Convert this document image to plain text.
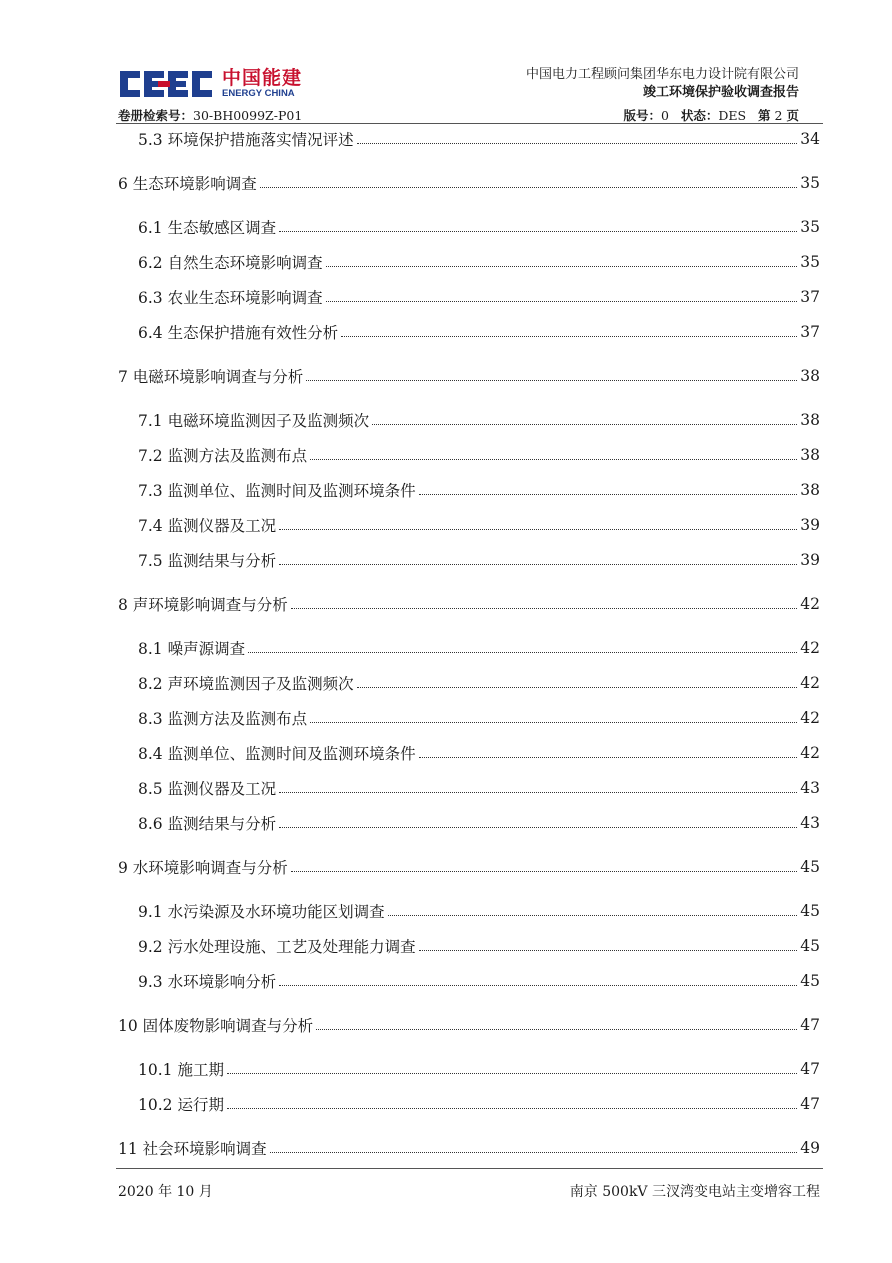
中国能建
ENERGY CHINA
中国电力工程顾问集团华东电力设计院有限公司
竣工环境保护验收调查报告
卷册检索号：30-BH0099Z-P01	版号：0 状态：DES 第 2 页
5.3 环境保护措施落实情况评述	34
6 生态环境影响调查	35
6.1 生态敏感区调查	35
6.2 自然生态环境影响调查	35
6.3 农业生态环境影响调查	37
6.4 生态保护措施有效性分析	37
7 电磁环境影响调查与分析	38
7.1 电磁环境监测因子及监测频次	38
7.2 监测方法及监测布点	38
7.3 监测单位、监测时间及监测环境条件	38
7.4 监测仪器及工况	39
7.5 监测结果与分析	39
8 声环境影响调查与分析	42
8.1 噪声源调查	42
8.2 声环境监测因子及监测频次	42
8.3 监测方法及监测布点	42
8.4 监测单位、监测时间及监测环境条件	42
8.5 监测仪器及工况	43
8.6 监测结果与分析	43
9 水环境影响调查与分析	45
9.1 水污染源及水环境功能区划调查	45
9.2 污水处理设施、工艺及处理能力调查	45
9.3 水环境影响分析	45
10 固体废物影响调查与分析	47
10.1 施工期	47
10.2 运行期	47
11 社会环境影响调查	49
2020 年 10 月	南京 500kV 三汊湾变电站主变增容工程
